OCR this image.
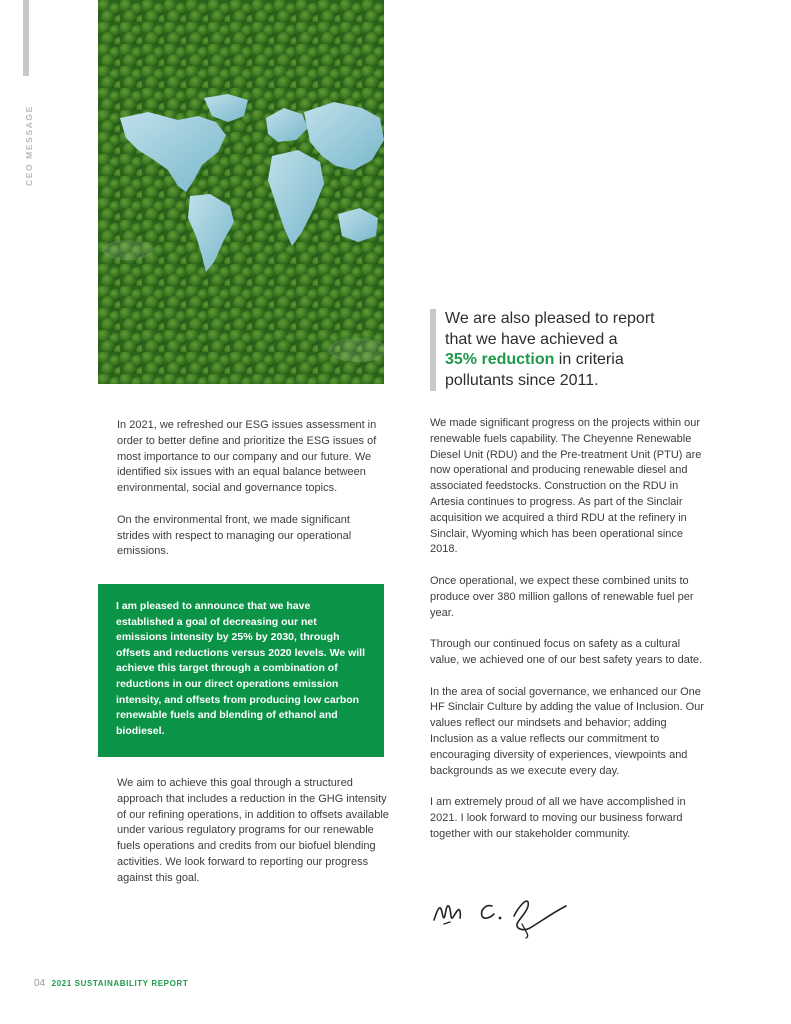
CEO MESSAGE
We are also pleased to report
that we have achieved a
35% reduction in criteria
pollutants since 2011.

In 2021, we refreshed our ESG issues assessment in order to better define and prioritize the ESG issues of most importance to our company and our future. We identified six issues with an equal balance between environmental, social and governance topics.

On the environmental front, we made significant strides with respect to managing our operational emissions.

I am pleased to announce that we have established a goal of decreasing our net emissions intensity by 25% by 2030, through offsets and reductions versus 2020 levels. We will achieve this target through a combination of reductions in our direct operations emission intensity, and offsets from producing low carbon renewable fuels and blending of ethanol and biodiesel.

We aim to achieve this goal through a structured approach that includes a reduction in the GHG intensity of our refining operations, in addition to offsets available under various regulatory programs for our renewable fuels operations and credits from our biofuel blending activities. We look forward to reporting our progress against this goal.

We made significant progress on the projects within our renewable fuels capability. The Cheyenne Renewable Diesel Unit (RDU) and the Pre-treatment Unit (PTU) are now operational and producing renewable diesel and associated feedstocks. Construction on the RDU in Artesia continues to progress. As part of the Sinclair acquisition we acquired a third RDU at the refinery in Sinclair, Wyoming which has been operational since 2018.

Once operational, we expect these combined units to produce over 380 million gallons of renewable fuel per year.

Through our continued focus on safety as a cultural value, we achieved one of our best safety years to date.

In the area of social governance, we enhanced our One HF Sinclair Culture by adding the value of Inclusion. Our values reflect our mindsets and behavior; adding Inclusion as a value reflects our commitment to encouraging diversity of experiences, viewpoints and backgrounds as we execute every day.

I am extremely proud of all we have accomplished in 2021. I look forward to moving our business forward together with our stakeholder community.

04 2021 SUSTAINABILITY REPORT
